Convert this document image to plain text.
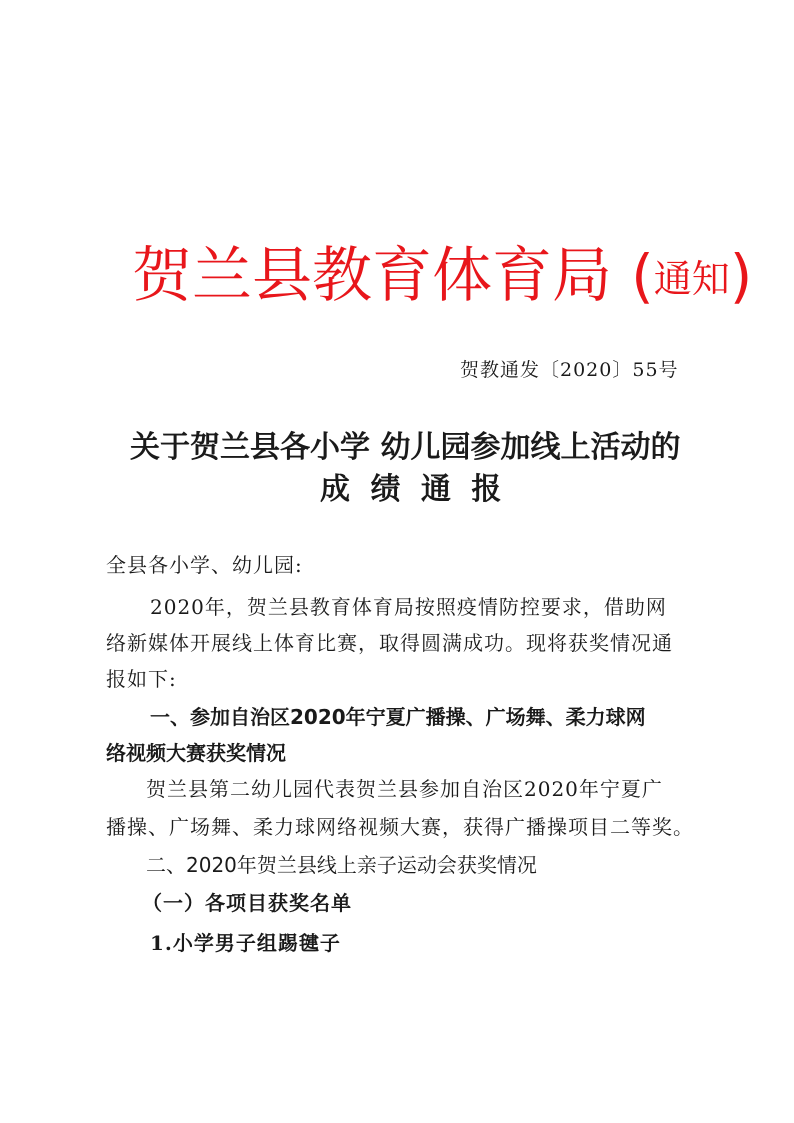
贺兰县教育体育局 (通知)
贺教通发〔2020〕55号
关于贺兰县各小学 幼儿园参加线上活动的
成 绩 通 报
全县各小学、幼儿园:
2020年，贺兰县教育体育局按照疫情防控要求，借助网
络新媒体开展线上体育比赛，取得圆满成功。现将获奖情况通
报如下:
一、参加自治区2020年宁夏广播操、广场舞、柔力球网
络视频大赛获奖情况
贺兰县第二幼儿园代表贺兰县参加自治区2020年宁夏广
播操、广场舞、柔力球网络视频大赛，获得广播操项目二等奖。
二、2020年贺兰县线上亲子运动会获奖情况
（一）各项目获奖名单
1.小学男子组踢毽子
